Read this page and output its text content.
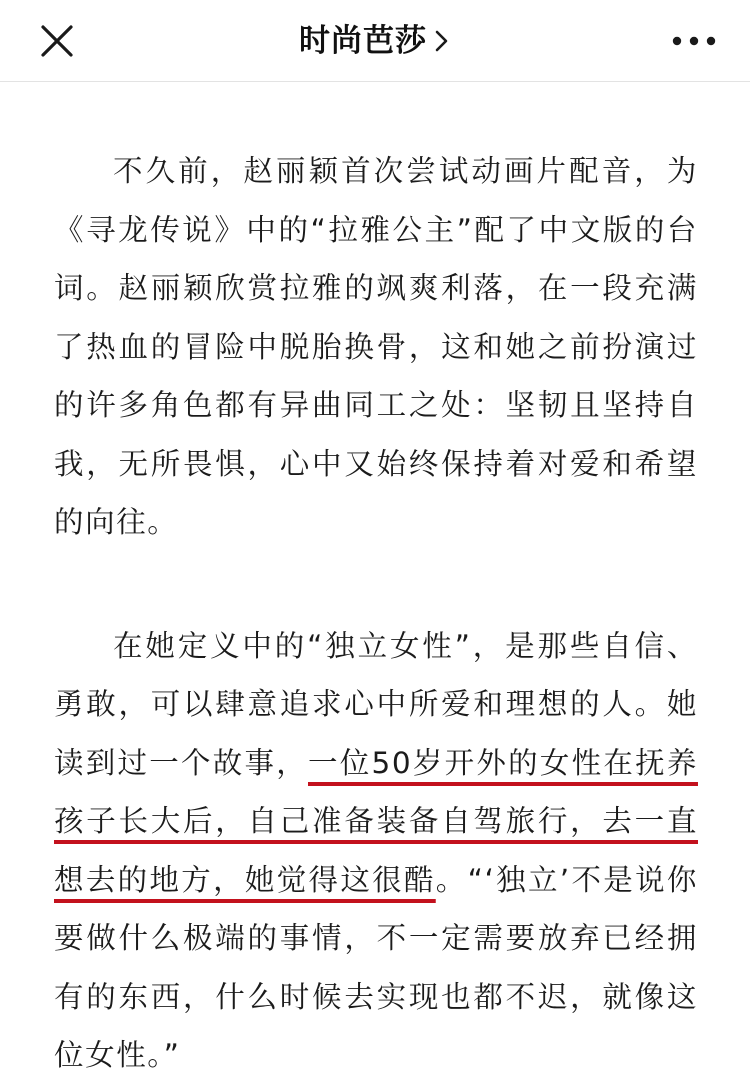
时尚芭莎

不久前，赵丽颖首次尝试动画片配音，为《寻龙传说》中的“拉雅公主”配了中文版的台词。赵丽颖欣赏拉雅的飒爽利落，在一段充满了热血的冒险中脱胎换骨，这和她之前扮演过的许多角色都有异曲同工之处：坚韧且坚持自我，无所畏惧，心中又始终保持着对爱和希望的向往。

在她定义中的“独立女性”，是那些自信、勇敢，可以肆意追求心中所爱和理想的人。她读到过一个故事，一位50岁开外的女性在抚养孩子长大后，自己准备装备自驾旅行，去一直想去的地方，她觉得这很酷。“‘独立’不是说你要做什么极端的事情，不一定需要放弃已经拥有的东西，什么时候去实现也都不迟，就像这位女性。”
